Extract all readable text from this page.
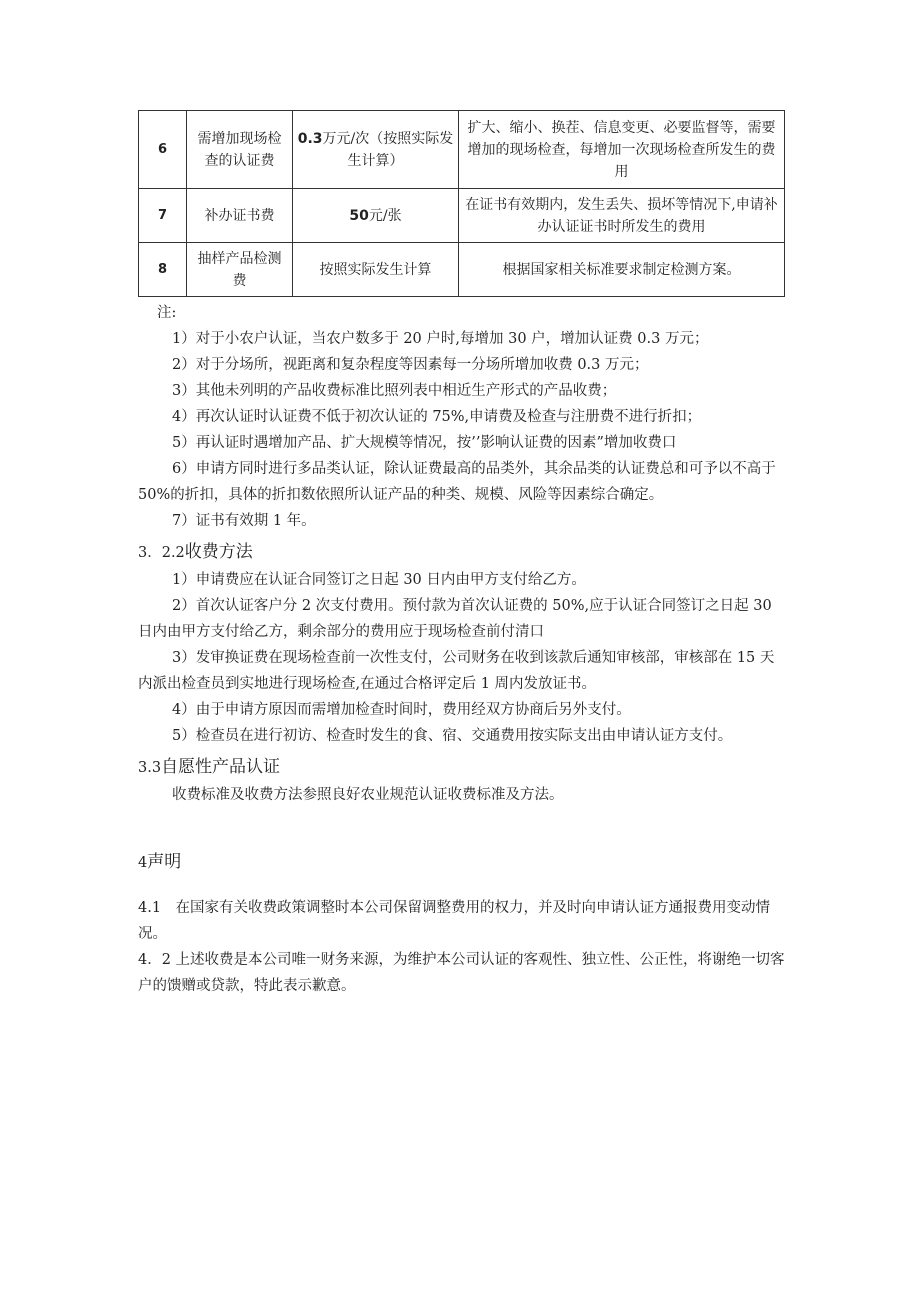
6	需增加现场检查的认证费	0.3万元/次（按照实际发生计算）	扩大、缩小、换茬、信息变更、必要监督等，需要增加的现场检查，每增加一次现场检查所发生的费用
7	补办证书费	50元/张	在证书有效期内，发生丢失、损坏等情况下,申请补办认证证书时所发生的费用
8	抽样产品检测费	按照实际发生计算	根据国家相关标准要求制定检测方案。

注:

1）对于小农户认证，当农户数多于 20 户时,每增加 30 户，增加认证费 0.3 万元；

2）对于分场所，视距离和复杂程度等因素每一分场所增加收费 0.3 万元；

3）其他未列明的产品收费标准比照列表中相近生产形式的产品收费；

4）再次认证时认证费不低于初次认证的 75%,申请费及检查与注册费不进行折扣；

5）再认证时遇增加产品、扩大规模等情况，按’’影响认证费的因素”增加收费口

6）申请方同时进行多品类认证，除认证费最高的品类外，其余品类的认证费总和可予以不高于 50%的折扣，具体的折扣数依照所认证产品的种类、规模、风险等因素综合确定。

7）证书有效期 1 年。

3．2.2收费方法

1）申请费应在认证合同签订之日起 30 日内由甲方支付给乙方。

2）首次认证客户分 2 次支付费用。预付款为首次认证费的 50%,应于认证合同签订之日起 30 日内由甲方支付给乙方，剩余部分的费用应于现场检查前付清口

3）发审换证费在现场检查前一次性支付，公司财务在收到该款后通知审核部，审核部在 15 天内派出检查员到实地进行现场检查,在通过合格评定后 1 周内发放证书。

4）由于申请方原因而需增加检查时间时，费用经双方协商后另外支付。

5）检查员在进行初访、检查时发生的食、宿、交通费用按实际支出由申请认证方支付。

3.3自愿性产品认证

收费标准及收费方法参照良好农业规范认证收费标准及方法。

4声明

4.1　在国家有关收费政策调整时本公司保留调整费用的权力，并及时向申请认证方通报费用变动情况。

4．2 上述收费是本公司唯一财务来源，为维护本公司认证的客观性、独立性、公正性，将谢绝一切客户的馈赠或贷款，特此表示歉意。
